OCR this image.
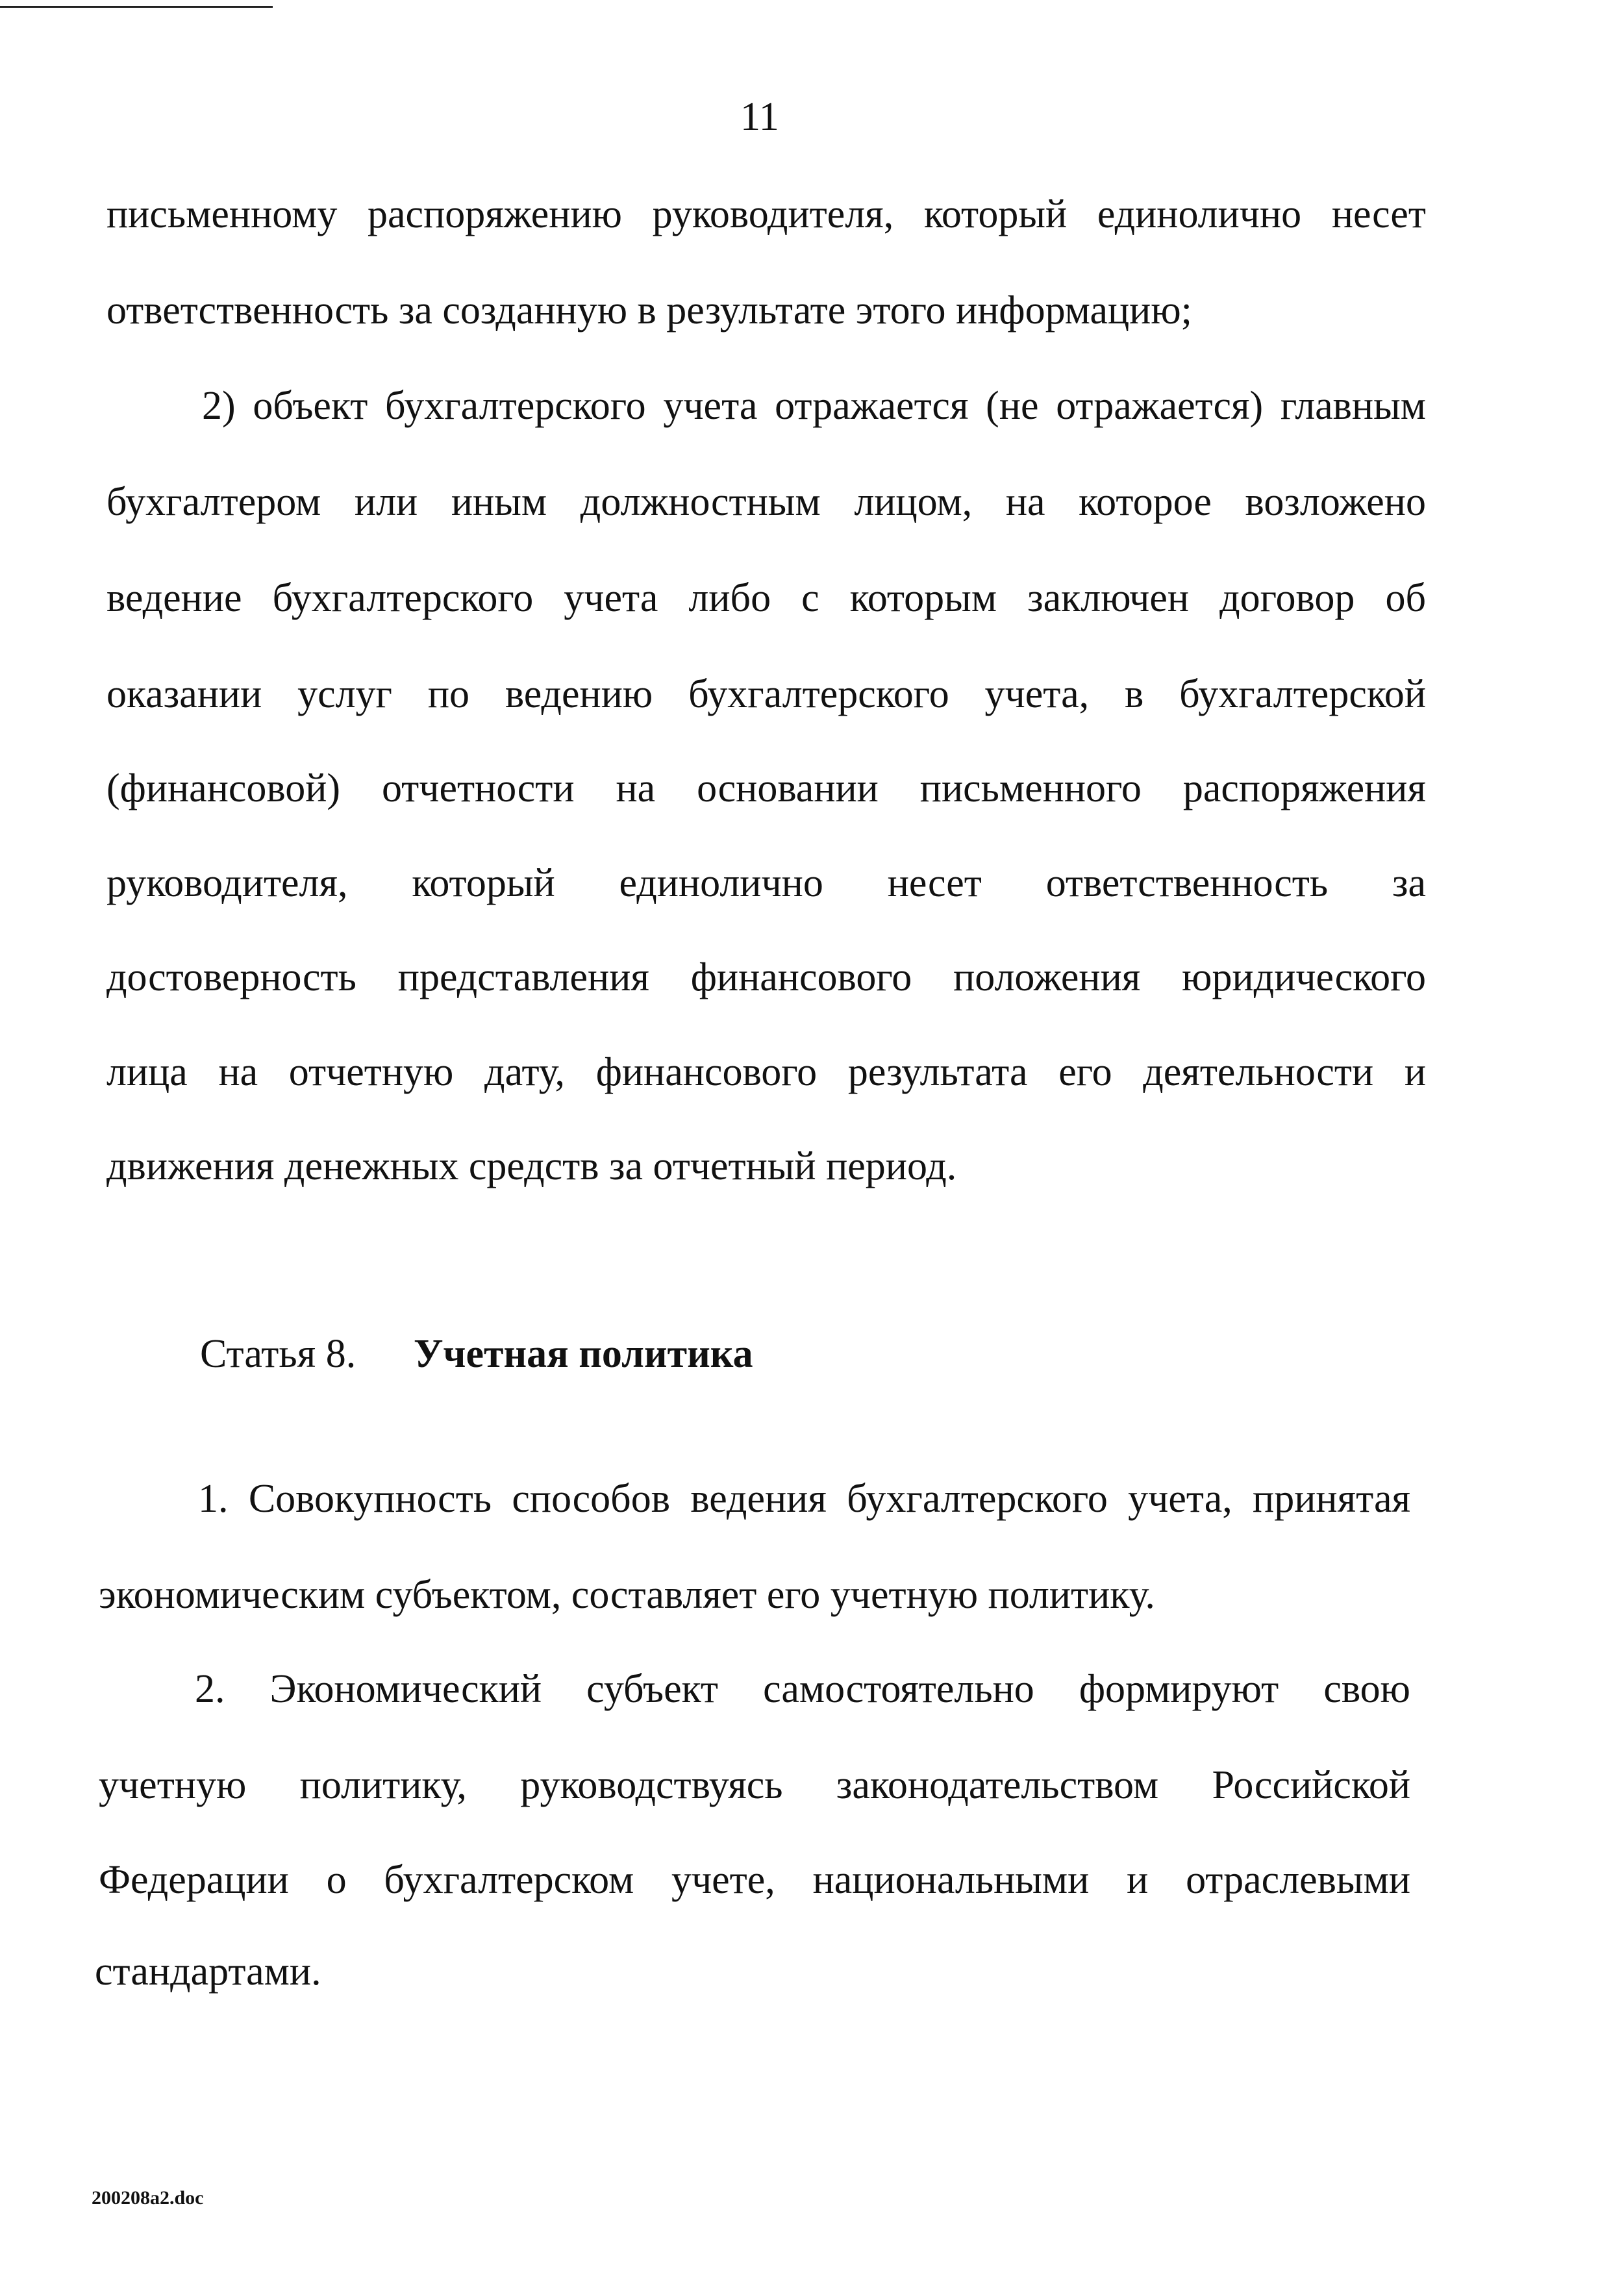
11
письменному распоряжению руководителя, который единолично несет
ответственность за созданную в результате этого информацию;
2) объект бухгалтерского учета отражается (не отражается) главным
бухгалтером или иным должностным лицом, на которое возложено
ведение бухгалтерского учета либо с которым заключен договор об
оказании услуг по ведению бухгалтерского учета, в бухгалтерской
(финансовой) отчетности на основании письменного распоряжения
руководителя, который единолично несет ответственность за
достоверность представления финансового положения юридического
лица на отчетную дату, финансового результата его деятельности и
движения денежных средств за отчетный период.
Статья 8. Учетная политика
1. Совокупность способов ведения бухгалтерского учета, принятая
экономическим субъектом, составляет его учетную политику.
2. Экономический субъект самостоятельно формируют свою
учетную политику, руководствуясь законодательством Российской
Федерации о бухгалтерском учете, национальными и отраслевыми
стандартами.
200208a2.doc
